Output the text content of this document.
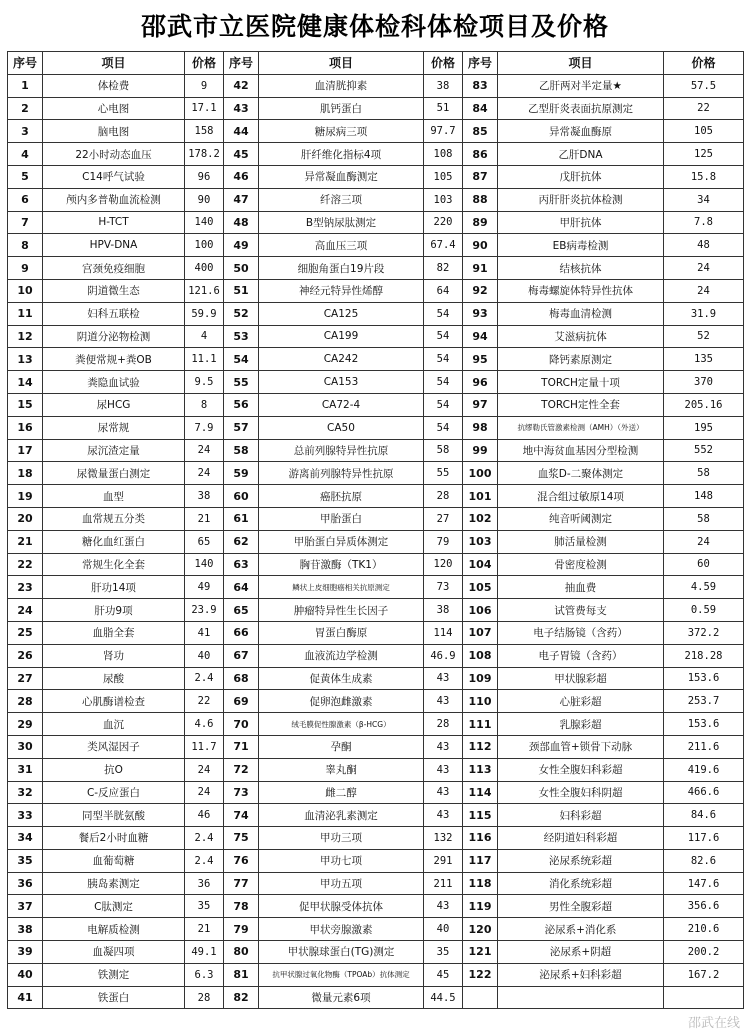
邵武市立医院健康体检科体检项目及价格
序号	项目	价格	序号	项目	价格	序号	项目	价格
1	体检费	9	42	血清胱抑素	38	83	乙肝两对半定量★	57.5
2	心电图	17.1	43	肌钙蛋白	51	84	乙型肝炎表面抗原测定	22
3	脑电图	158	44	糖尿病三项	97.7	85	异常凝血酶原	105
4	22小时动态血压	178.2	45	肝纤维化指标4项	108	86	乙肝DNA	125
5	C14呼气试验	96	46	异常凝血酶测定	105	87	戊肝抗体	15.8
6	颅内多普勒血流检测	90	47	纤溶三项	103	88	丙肝肝炎抗体检测	34
7	H-TCT	140	48	B型钠尿肽测定	220	89	甲肝抗体	7.8
8	HPV-DNA	100	49	高血压三项	67.4	90	EB病毒检测	48
9	宫颈免疫细胞	400	50	细胞角蛋白19片段	82	91	结核抗体	24
10	阴道微生态	121.6	51	神经元特异性烯醇	64	92	梅毒螺旋体特异性抗体	24
11	妇科五联检	59.9	52	CA125	54	93	梅毒血清检测	31.9
12	阴道分泌物检测	4	53	CA199	54	94	艾滋病抗体	52
13	粪便常规+粪OB	11.1	54	CA242	54	95	降钙素原测定	135
14	粪隐血试验	9.5	55	CA153	54	96	TORCH定量十项	370
15	尿HCG	8	56	CA72-4	54	97	TORCH定性全套	205.16
16	尿常规	7.9	57	CA50	54	98	抗缪勒氏管激素检测（AMH）（外送）	195
17	尿沉渣定量	24	58	总前列腺特异性抗原	58	99	地中海贫血基因分型检测	552
18	尿微量蛋白测定	24	59	游离前列腺特异性抗原	55	100	血浆D-二聚体测定	58
19	血型	38	60	癌胚抗原	28	101	混合组过敏原14项	148
20	血常规五分类	21	61	甲胎蛋白	27	102	纯音听阈测定	58
21	糖化血红蛋白	65	62	甲胎蛋白异质体测定	79	103	肺活量检测	24
22	常规生化全套	140	63	胸苷激酶（TK1）	120	104	骨密度检测	60
23	肝功14项	49	64	鳞状上皮细胞癌相关抗原测定	73	105	抽血费	4.59
24	肝功9项	23.9	65	肿瘤特异性生长因子	38	106	试管费每支	0.59
25	血脂全套	41	66	胃蛋白酶原	114	107	电子结肠镜（含药）	372.2
26	肾功	40	67	血液流边学检测	46.9	108	电子胃镜（含药）	218.28
27	尿酸	2.4	68	促黄体生成素	43	109	甲状腺彩超	153.6
28	心肌酶谱检查	22	69	促卵泡雌激素	43	110	心脏彩超	253.7
29	血沉	4.6	70	绒毛膜促性腺激素（β-HCG）	28	111	乳腺彩超	153.6
30	类风湿因子	11.7	71	孕酮	43	112	颈部血管+锁骨下动脉	211.6
31	抗O	24	72	睾丸酮	43	113	女性全腹妇科彩超	419.6
32	C-反应蛋白	24	73	雌二醇	43	114	女性全腹妇科阴超	466.6
33	同型半胱氨酸	46	74	血清泌乳素测定	43	115	妇科彩超	84.6
34	餐后2小时血糖	2.4	75	甲功三项	132	116	经阴道妇科彩超	117.6
35	血葡萄糖	2.4	76	甲功七项	291	117	泌尿系统彩超	82.6
36	胰岛素测定	36	77	甲功五项	211	118	消化系统彩超	147.6
37	C肽测定	35	78	促甲状腺受体抗体	43	119	男性全腹彩超	356.6
38	电解质检测	21	79	甲状旁腺激素	40	120	泌尿系+消化系	210.6
39	血凝四项	49.1	80	甲状腺球蛋白(TG)测定	35	121	泌尿系+阴超	200.2
40	铁测定	6.3	81	抗甲状腺过氧化物酶（TPOAb）抗体测定	45	122	泌尿系+妇科彩超	167.2
41	铁蛋白	28	82	微量元素6项	44.5			
邵武在线
